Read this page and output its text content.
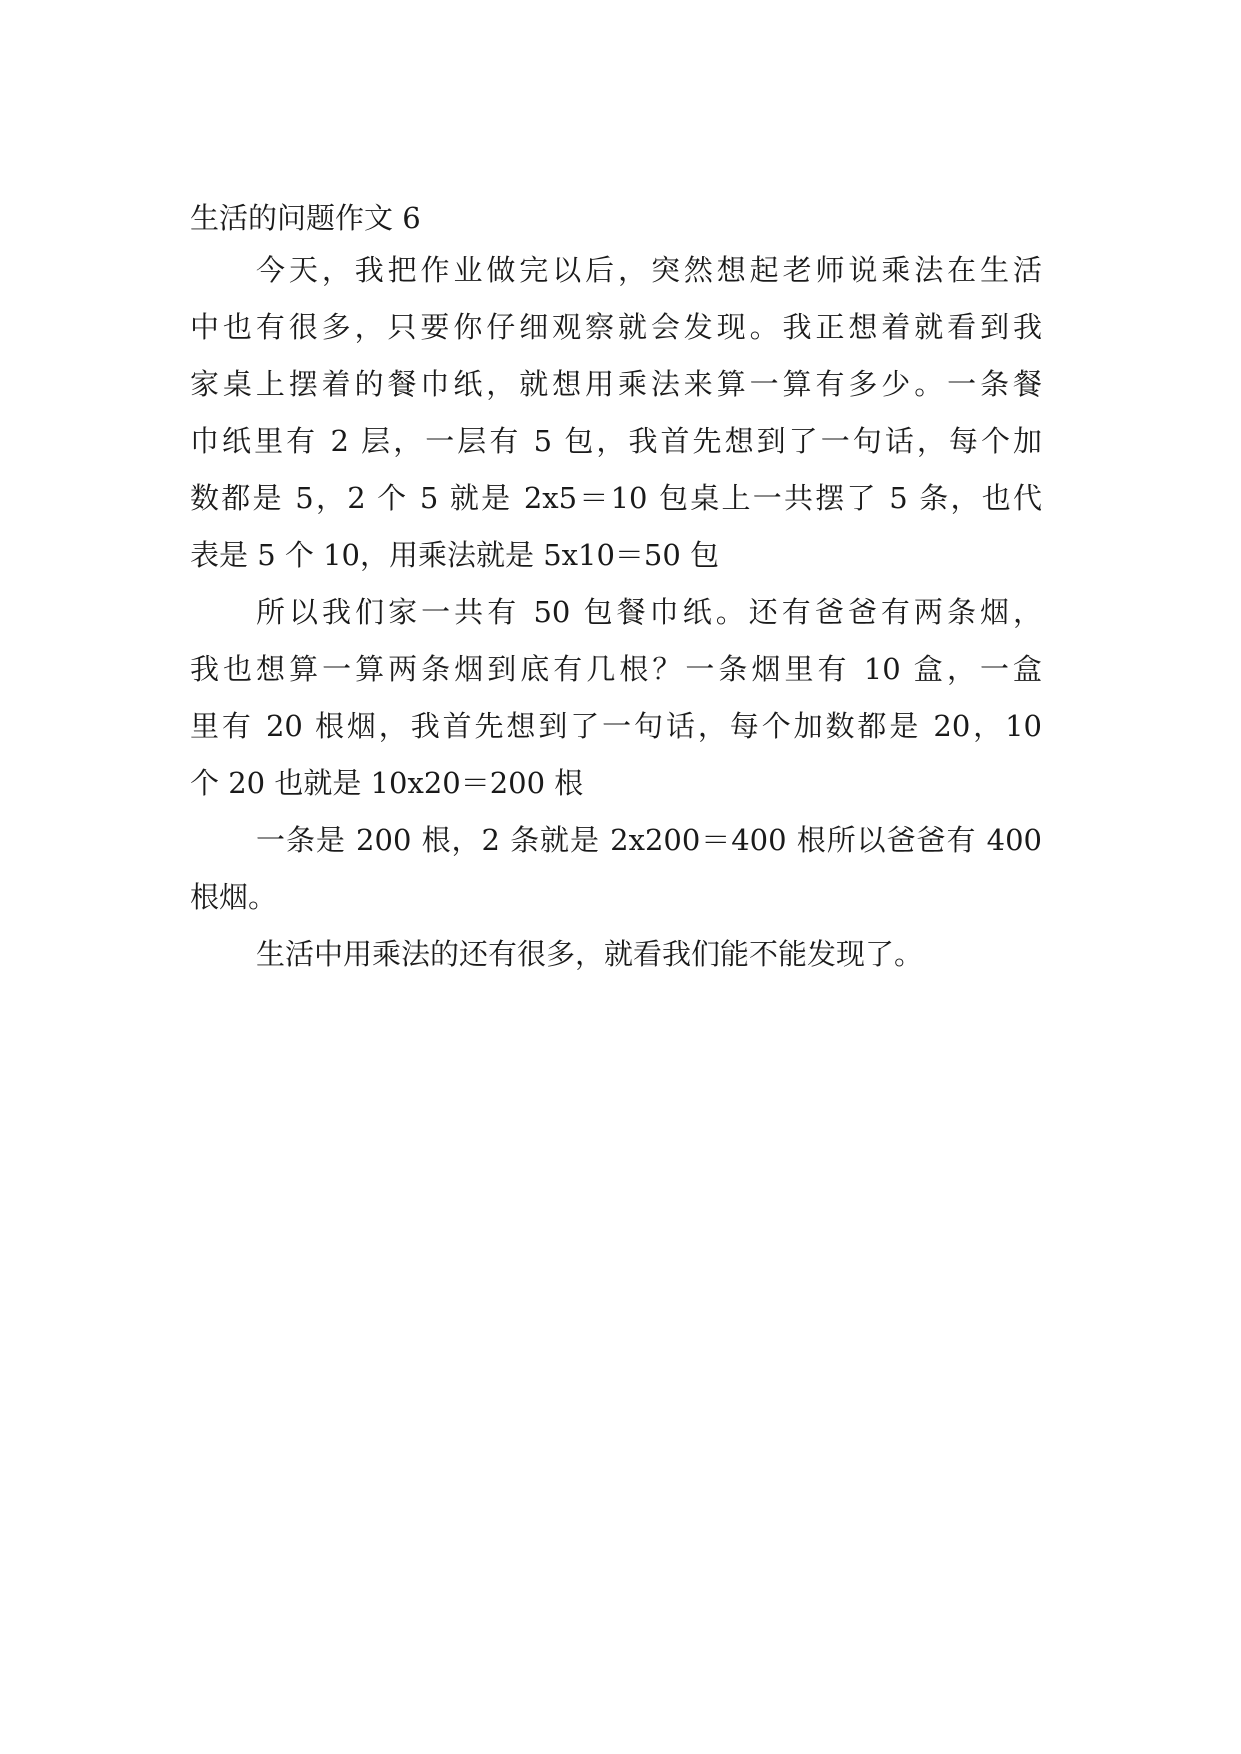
生活的问题作文 6

今天，我把作业做完以后，突然想起老师说乘法在生活

中也有很多，只要你仔细观察就会发现。我正想着就看到我

家桌上摆着的餐巾纸，就想用乘法来算一算有多少。一条餐

巾纸里有 2 层，一层有 5 包，我首先想到了一句话，每个加

数都是 5，2 个 5 就是 2x5＝10 包桌上一共摆了 5 条，也代

表是 5 个 10，用乘法就是 5x10＝50 包

所以我们家一共有 50 包餐巾纸。还有爸爸有两条烟，

我也想算一算两条烟到底有几根？一条烟里有 10 盒，一盒

里有 20 根烟，我首先想到了一句话，每个加数都是 20，10

个 20 也就是 10x20＝200 根

一条是 200 根，2 条就是 2x200＝400 根所以爸爸有 400

根烟。

生活中用乘法的还有很多，就看我们能不能发现了。
